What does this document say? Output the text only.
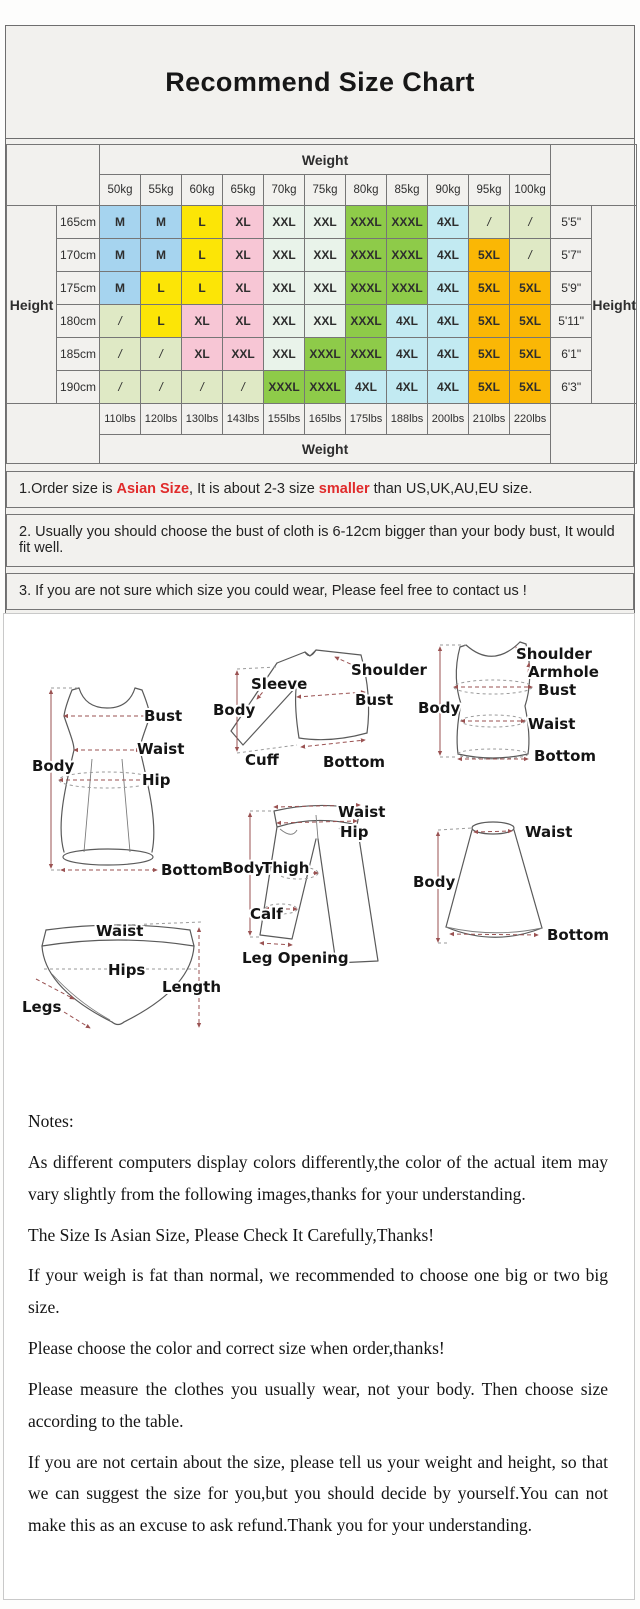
Recommend Size Chart
		Weight												
		50kg	55kg	60kg	65kg	70kg	75kg	80kg	85kg	90kg	95kg	100kg		
Height	165cm	M	M	L	XL	XXL	XXL	XXXL	XXXL	4XL	/	/	5'5"	Height
	170cm	M	M	L	XL	XXL	XXL	XXXL	XXXL	4XL	5XL	/	5'7"	
	175cm	M	L	L	XL	XXL	XXL	XXXL	XXXL	4XL	5XL	5XL	5'9"	
	180cm	/	L	XL	XL	XXL	XXL	XXXL	4XL	4XL	5XL	5XL	5'11"	
	185cm	/	/	XL	XXL	XXL	XXXL	XXXL	4XL	4XL	5XL	5XL	6'1"	
	190cm	/	/	/	/	XXXL	XXXL	4XL	4XL	4XL	5XL	5XL	6'3"	
		110lbs	120lbs	130lbs	143lbs	155lbs	165lbs	175lbs	188lbs	200lbs	210lbs	220lbs		
		Weight												
1.Order size is Asian Size, It is about 2-3 size smaller than US,UK,AU,EU size.
2. Usually you should choose the bust of cloth is 6-12cm bigger than your body bust, It would fit well.
3. If you are not sure which size you could wear, Please feel free to contact us !
Body
Bust
Waist
Hip
Bottom
Sleeve
Body
Cuff
Shoulder
Bust
Bottom
Body
Shoulder
Armhole
Bust
Waist
Bottom
Waist
Hip
Body
Thigh
Calf
Leg Opening
Waist
Body
Bottom
Waist
Hips
Legs
Length

Notes:

As different computers display colors differently,the color of the actual item may vary slightly from the following images,thanks for your understanding.

The Size Is Asian Size, Please Check It Carefully,Thanks!

If your weigh is fat than normal, we recommended to choose one big or two big size.

Please choose the color and correct size when order,thanks!

Please measure the clothes you usually wear, not your body. Then choose size according to the table.

If you are not certain about the size, please tell us your weight and height, so that we can suggest the size for you,but you should decide by yourself.You can not make this as an excuse to ask refund.Thank you for your understanding.
